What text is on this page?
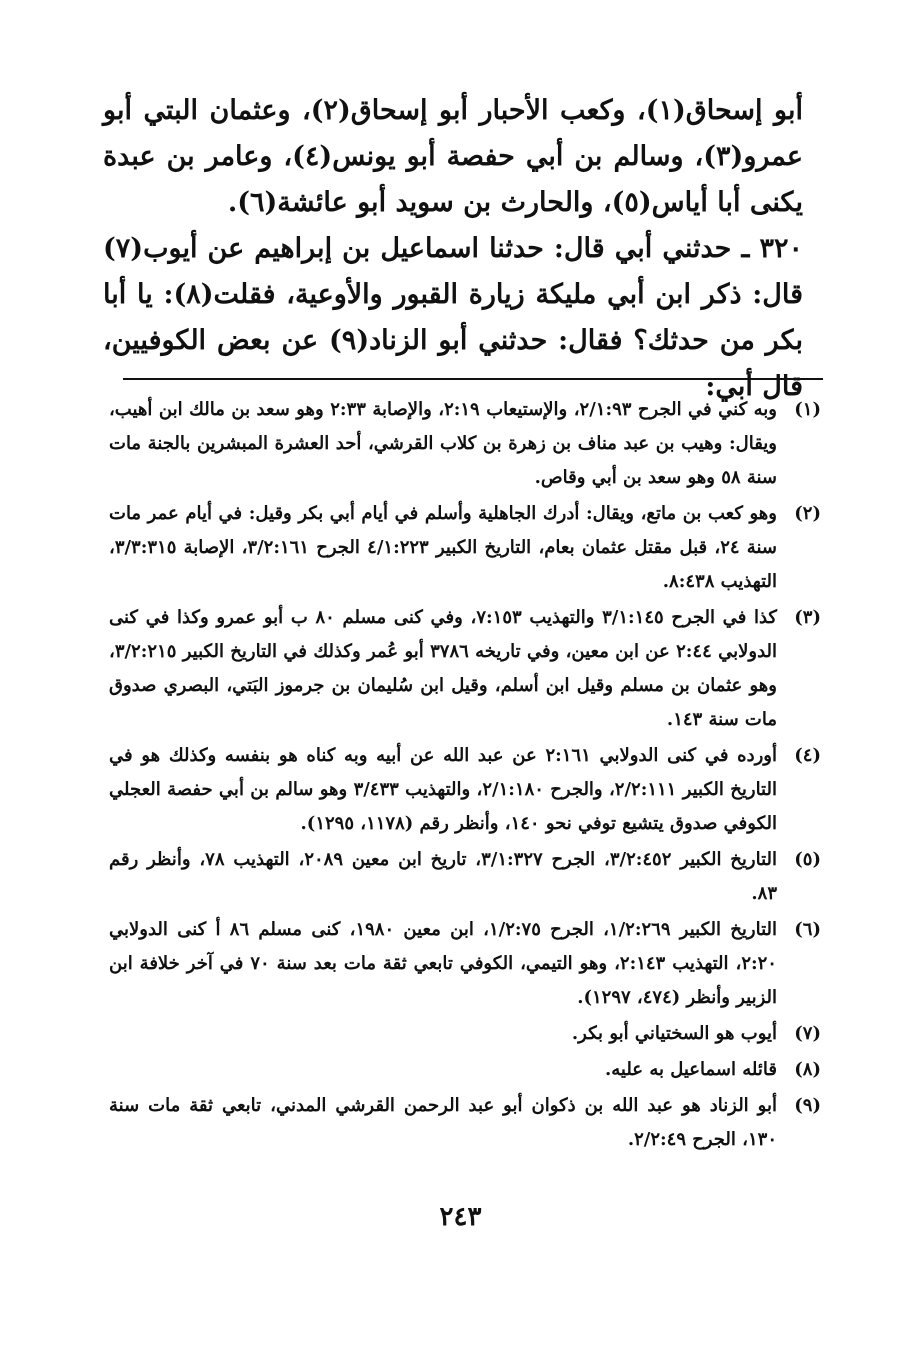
أبو إسحاق(١)، وكعب الأحبار أبو إسحاق(٢)، وعثمان البتي أبو عمرو(٣)، وسالم بن أبي حفصة أبو يونس(٤)، وعامر بن عبدة يكنى أبا أياس(٥)، والحارث بن سويد أبو عائشة(٦).

٣٢٠ ـ حدثني أبي قال: حدثنا اسماعيل بن إبراهيم عن أيوب(٧) قال: ذكر ابن أبي مليكة زيارة القبور والأوعية، فقلت(٨): يا أبا بكر من حدثك؟ فقال: حدثني أبو الزناد(٩) عن بعض الكوفيين، قال أبي:

(١)
وبه كني في الجرح ٢/١:٩٣، والإستيعاب ٢:١٩، والإصابة ٢:٣٣ وهو سعد بن مالك ابن أهيب، ويقال: وهيب بن عبد مناف بن زهرة بن كلاب القرشي، أحد العشرة المبشرين بالجنة مات سنة ٥٨ وهو سعد بن أبي وقاص.
(٢)
وهو كعب بن ماتع، ويقال: أدرك الجاهلية وأسلم في أيام أبي بكر وقيل: في أيام عمر مات سنة ٢٤، قبل مقتل عثمان بعام، التاريخ الكبير ٤/١:٢٢٣ الجرح ٣/٢:١٦١، الإصابة ٣/٣:٣١٥، التهذيب ٨:٤٣٨.
(٣)
كذا في الجرح ٣/١:١٤٥ والتهذيب ٧:١٥٣، وفي كنى مسلم ٨٠ ب أبو عمرو وكذا في كنى الدولابي ٢:٤٤ عن ابن معين، وفي تاريخه ٣٧٨٦ أبو عُمر وكذلك في التاريخ الكبير ٣/٢:٢١٥، وهو عثمان بن مسلم وقيل ابن أسلم، وقيل ابن سُليمان بن جرموز البَتي، البصري صدوق مات سنة ١٤٣.
(٤)
أورده في كنى الدولابي ٢:١٦١ عن عبد الله عن أبيه وبه كناه هو بنفسه وكذلك هو في التاريخ الكبير ٢/٢:١١١، والجرح ٢/١:١٨٠، والتهذيب ٣/٤٣٣ وهو سالم بن أبي حفصة العجلي الكوفي صدوق يتشيع توفي نحو ١٤٠، وأنظر رقم (١١٧٨، ١٢٩٥).
(٥)
التاريخ الكبير ٣/٢:٤٥٢، الجرح ٣/١:٣٢٧، تاريخ ابن معين ٢٠٨٩، التهذيب ٧٨، وأنظر رقم ٨٣.
(٦)
التاريخ الكبير ١/٢:٢٦٩، الجرح ١/٢:٧٥، ابن معين ١٩٨٠، كنى مسلم ٨٦ أ كنى الدولابي ٢:٢٠، التهذيب ٢:١٤٣، وهو التيمي، الكوفي تابعي ثقة مات بعد سنة ٧٠ في آخر خلافة ابن الزبير وأنظر (٤٧٤، ١٢٩٧).
(٧)
أيوب هو السختياني أبو بكر.
(٨)
قائله اسماعيل به عليه.
(٩)
أبو الزناد هو عبد الله بن ذكوان أبو عبد الرحمن القرشي المدني، تابعي ثقة مات سنة ١٣٠، الجرح ٢/٢:٤٩.
٢٤٣
